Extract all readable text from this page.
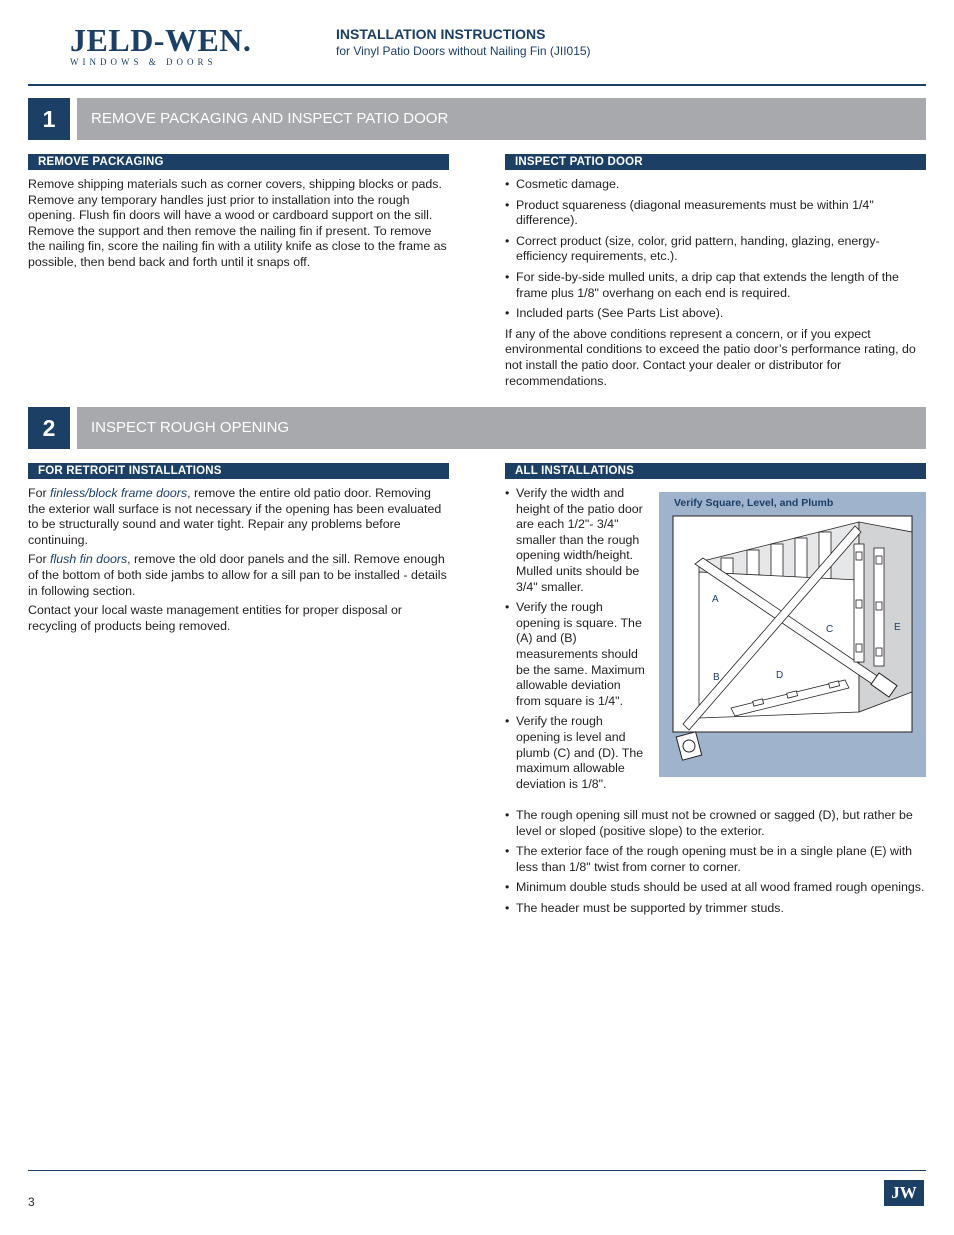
JELD-WEN.
WINDOWS & DOORS
INSTALLATION INSTRUCTIONS
for Vinyl Patio Doors without Nailing Fin (JII015)
1	REMOVE PACKAGING AND INSPECT PATIO DOOR
REMOVE PACKAGING

Remove shipping materials such as corner covers, shipping blocks or pads. Remove any temporary handles just prior to installation into the rough opening. Flush fin doors will have a wood or cardboard support on the sill. Remove the support and then remove the nailing fin if present. To remove the nailing fin, score the nailing fin with a utility knife as close to the frame as possible, then bend back and forth until it snaps off.

INSPECT PATIO DOOR
• Cosmetic damage.
• Product squareness (diagonal measurements must be within 1/4" difference).
• Correct product (size, color, grid pattern, handing, glazing, energy-efficiency requirements, etc.).
• For side-by-side mulled units, a drip cap that extends the length of the frame plus 1/8" overhang on each end is required.
• Included parts (See Parts List above).

If any of the above conditions represent a concern, or if you expect environmental conditions to exceed the patio door’s performance rating, do not install the patio door. Contact your dealer or distributor for recommendations.

2	INSPECT ROUGH OPENING
FOR RETROFIT INSTALLATIONS

For finless/block frame doors, remove the entire old patio door. Removing the exterior wall surface is not necessary if the opening has been evaluated to be structurally sound and water tight. Repair any problems before continuing.

For flush fin doors, remove the old door panels and the sill. Remove enough of the bottom of both side jambs to allow for a sill pan to be installed - details in following section.

Contact your local waste management entities for proper disposal or recycling of products being removed.

ALL INSTALLATIONS
• Verify the width and height of the patio door are each 1/2"- 3/4" smaller than the rough opening width/height. Mulled units should be 3/4" smaller.
• Verify the rough opening is square. The (A) and (B) measurements should be the same. Maximum allowable deviation from square is 1/4".
• Verify the rough opening is level and plumb (C) and (D). The maximum allowable deviation is 1/8".
• The rough opening sill must not be crowned or sagged (D), but rather be level or sloped (positive slope) to the exterior.
• The exterior face of the rough opening must be in a single plane (E) with less than 1/8" twist from corner to corner.
• Minimum double studs should be used at all wood framed rough openings.
• The header must be supported by trimmer studs.
A
B
C
D
E
Verify Square, Level, and Plumb
3	JW
